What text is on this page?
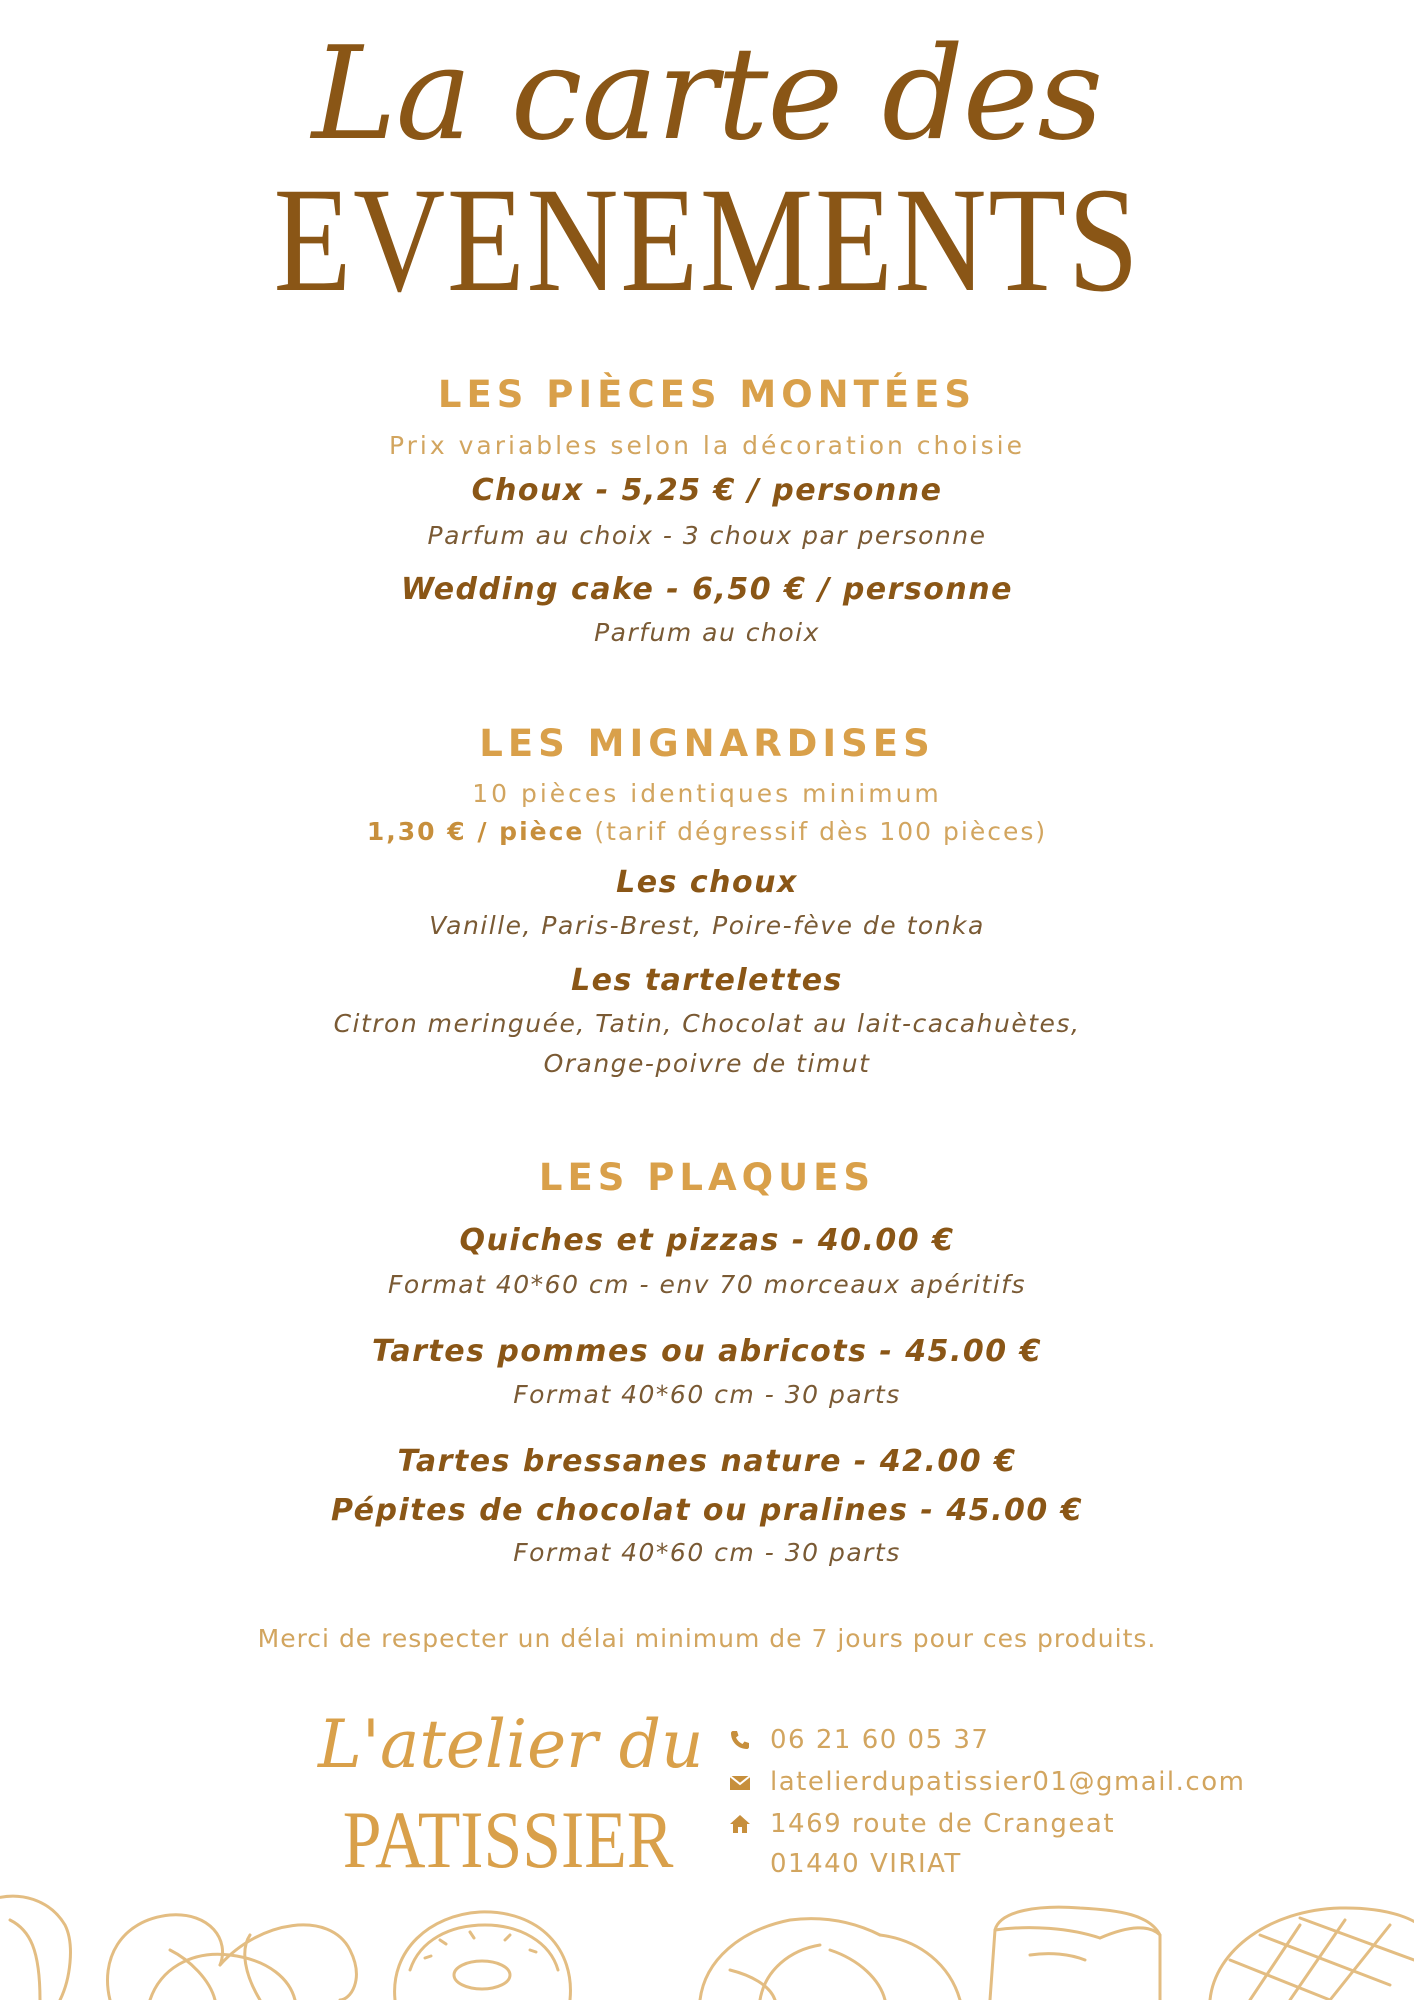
La carte des
EVENEMENTS
LES PIÈCES MONTÉES
Prix variables selon la décoration choisie
Choux - 5,25 € / personne
Parfum au choix - 3 choux par personne
Wedding cake - 6,50 € / personne
Parfum au choix
LES MIGNARDISES
10 pièces identiques minimum
1,30 € / pièce (tarif dégressif dès 100 pièces)
Les choux
Vanille, Paris-Brest, Poire-fève de tonka
Les tartelettes
Citron meringuée, Tatin, Chocolat au lait-cacahuètes,
Orange-poivre de timut
LES PLAQUES
Quiches et pizzas - 40.00 €
Format 40*60 cm - env 70 morceaux apéritifs
Tartes pommes ou abricots - 45.00 €
Format 40*60 cm - 30 parts
Tartes bressanes nature - 42.00 €
Pépites de chocolat ou pralines - 45.00 €
Format 40*60 cm - 30 parts
Merci de respecter un délai minimum de 7 jours pour ces produits.
L'atelier du
PATISSIER
06 21 60 05 37
latelierdupatissier01@gmail.com
1469 route de Crangeat
01440 VIRIAT
